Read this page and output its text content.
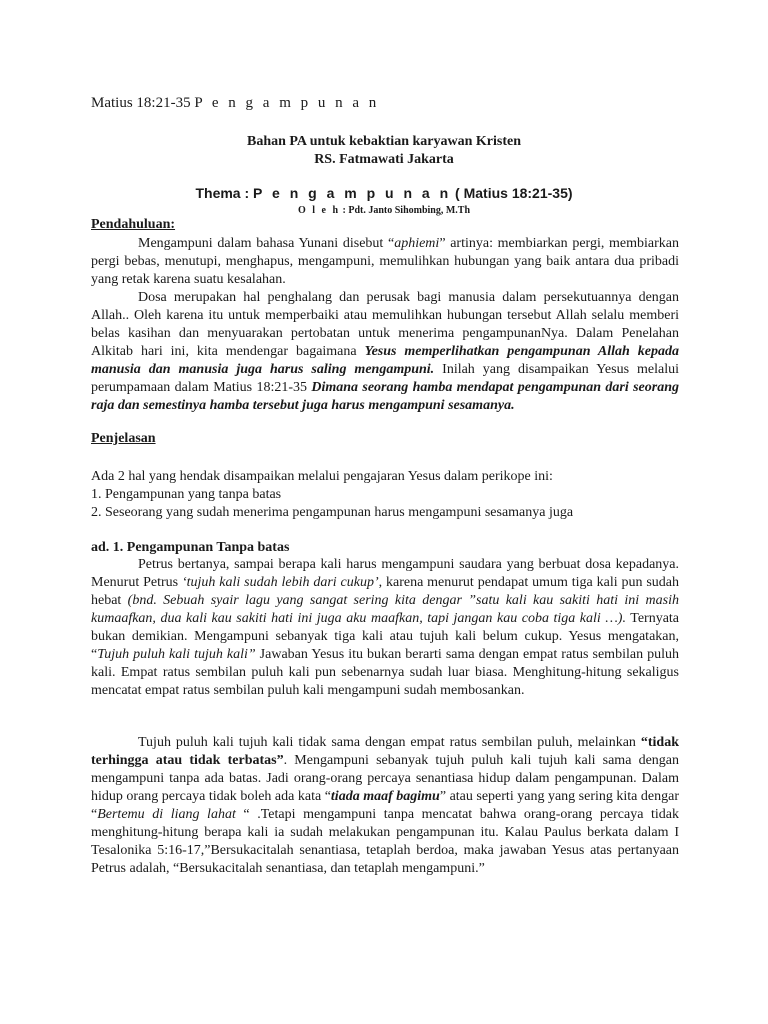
Matius 18:21-35 P e n g a m p u n a n
Bahan PA untuk kebaktian karyawan Kristen
RS. Fatmawati Jakarta
Thema : P e n g a m p u n a n ( Matius 18:21-35)
O l e h : Pdt. Janto Sihombing, M.Th
Pendahuluan:
Mengampuni dalam bahasa Yunani disebut “aphiemi” artinya: membiarkan pergi, membiarkan pergi bebas, menutupi, menghapus, mengampuni, memulihkan hubungan yang baik antara dua pribadi yang retak karena suatu kesalahan.
Dosa merupakan hal penghalang dan perusak bagi manusia dalam persekutuannya dengan Allah.. Oleh karena itu untuk memperbaiki atau memulihkan hubungan tersebut Allah selalu memberi belas kasihan dan menyuarakan pertobatan untuk menerima pengampunanNya. Dalam Penelahan Alkitab hari ini, kita mendengar bagaimana Yesus memperlihatkan pengampunan Allah kepada manusia dan manusia juga harus saling mengampuni. Inilah yang disampaikan Yesus melalui perumpamaan dalam Matius 18:21-35 Dimana seorang hamba mendapat pengampunan dari seorang raja dan semestinya hamba tersebut juga harus mengampuni sesamanya.
Penjelasan
Ada 2 hal yang hendak disampaikan melalui pengajaran Yesus dalam perikope ini:
1. Pengampunan yang tanpa batas
2. Seseorang yang sudah menerima pengampunan harus mengampuni sesamanya juga
ad. 1. Pengampunan Tanpa batas
Petrus bertanya, sampai berapa kali harus mengampuni saudara yang berbuat dosa kepadanya. Menurut Petrus ‘tujuh kali sudah lebih dari cukup’, karena menurut pendapat umum tiga kali pun sudah hebat (bnd. Sebuah syair lagu yang sangat sering kita dengar ”satu kali kau sakiti hati ini masih kumaafkan, dua kali kau sakiti hati ini juga aku maafkan, tapi jangan kau coba tiga kali …). Ternyata bukan demikian. Mengampuni sebanyak tiga kali atau tujuh kali belum cukup. Yesus mengatakan, “Tujuh puluh kali tujuh kali” Jawaban Yesus itu bukan berarti sama dengan empat ratus sembilan puluh kali. Empat ratus sembilan puluh kali pun sebenarnya sudah luar biasa. Menghitung-hitung sekaligus mencatat empat ratus sembilan puluh kali mengampuni sudah membosankan.
Tujuh puluh kali tujuh kali tidak sama dengan empat ratus sembilan puluh, melainkan “tidak terhingga atau tidak terbatas”. Mengampuni sebanyak tujuh puluh kali tujuh kali sama dengan mengampuni tanpa ada batas. Jadi orang-orang percaya senantiasa hidup dalam pengampunan. Dalam hidup orang percaya tidak boleh ada kata “tiada maaf bagimu” atau seperti yang yang sering kita dengar “Bertemu di liang lahat “ .Tetapi mengampuni tanpa mencatat bahwa orang-orang percaya tidak menghitung-hitung berapa kali ia sudah melakukan pengampunan itu. Kalau Paulus berkata dalam I Tesalonika 5:16-17,”Bersukacitalah senantiasa, tetaplah berdoa, maka jawaban Yesus atas pertanyaan Petrus adalah, “Bersukacitalah senantiasa, dan tetaplah mengampuni.”
